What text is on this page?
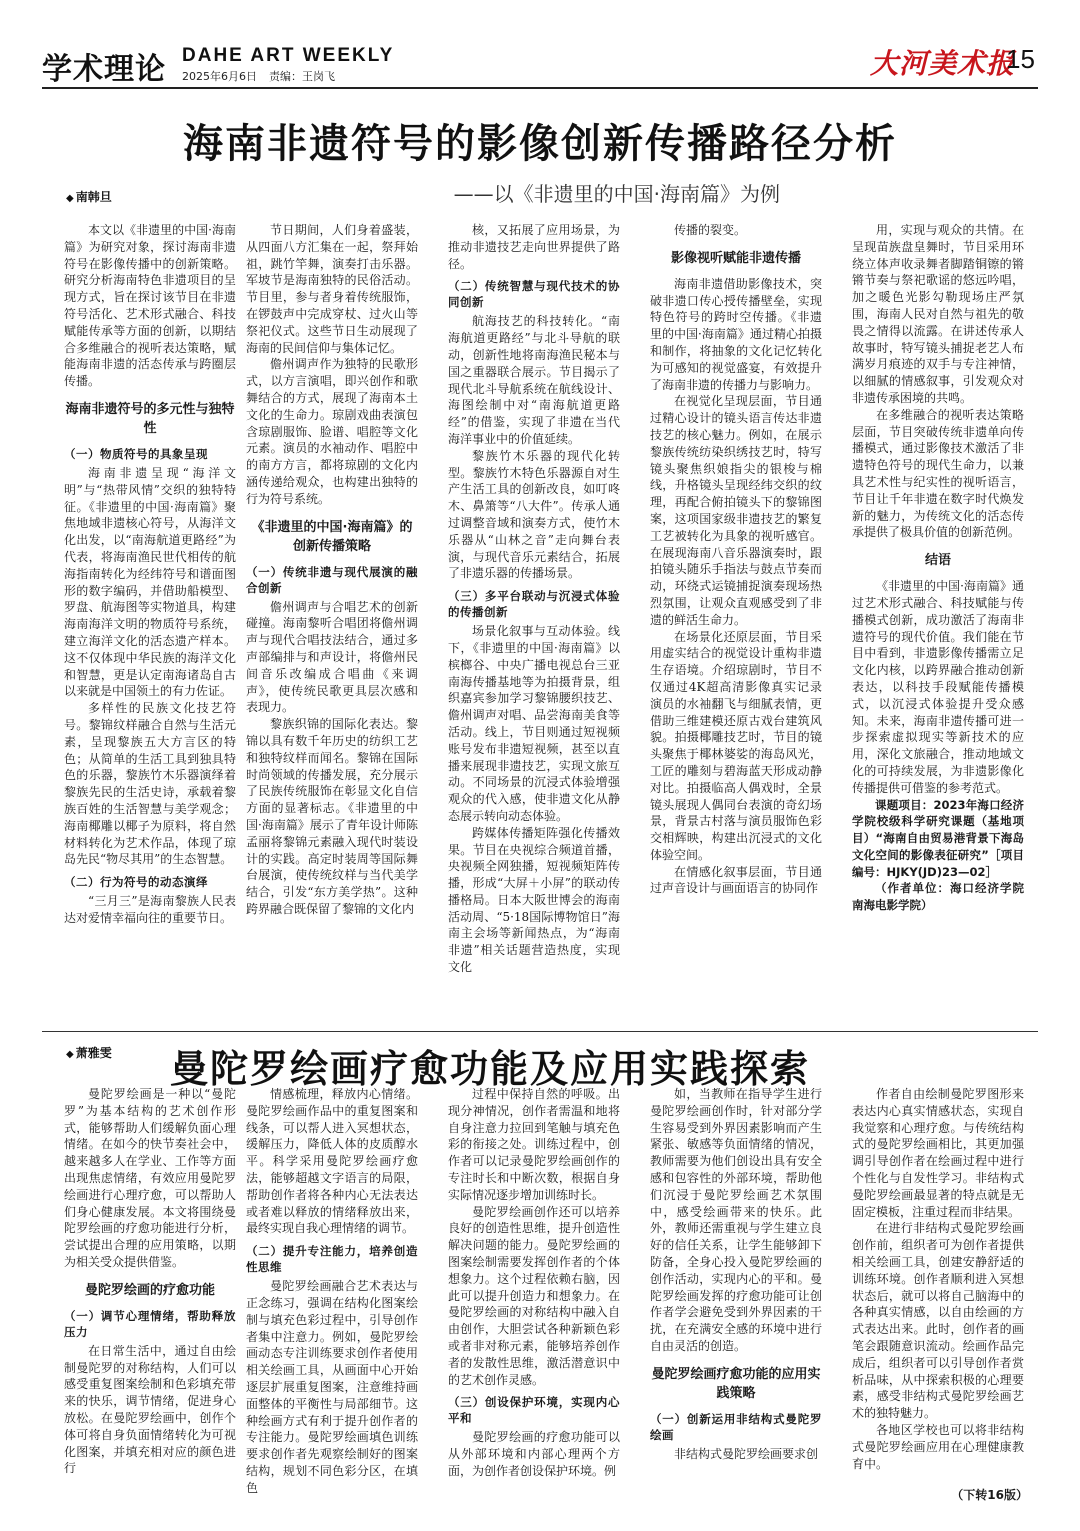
学术理论 DAHE ART WEEKLY
2025年6月6日 责编：王岗飞	大河美术报
15
海南非遗符号的影像创新传播路径分析
——以《非遗里的中国·海南篇》为例
◆ 南韩旦

本文以《非遗里的中国·海南篇》为研究对象，探讨海南非遗符号在影像传播中的创新策略。研究分析海南特色非遗项目的呈现方式，旨在探讨该节目在非遗符号活化、艺术形式融合、科技赋能传承等方面的创新，以期结合多维融合的视听表达策略，赋能海南非遗的活态传承与跨圈层传播。

海南非遗符号的多元性与独特性
（一）物质符号的具象呈现

海南非遗呈现“海洋文明”与“热带风情”交织的独特特征。《非遗里的中国·海南篇》聚焦地域非遗核心符号，从海洋文化出发，以“南海航道更路经”为代表，将海南渔民世代相传的航海指南转化为经纬符号和谱面图形的数字编码，并借助船模型、罗盘、航海图等实物道具，构建海南海洋文明的物质符号系统，建立海洋文化的活态遗产样本。这不仅体现中华民族的海洋文化和智慧，更是认定南海诸岛自古以来就是中国领土的有力佐证。

多样性的民族文化技艺符号。黎锦纹样融合自然与生活元素，呈现黎族五大方言区的特色；从简单的生活工具到独具特色的乐器，黎族竹木乐器演绎着黎族先民的生活史诗，承载着黎族百姓的生活智慧与美学观念；海南椰雕以椰子为原料，将自然材料转化为艺术作品，体现了琼岛先民“物尽其用”的生态智慧。

（二）行为符号的动态演绎

“三月三”是海南黎族人民表达对爱情幸福向往的重要节日。

节日期间，人们身着盛装，从四面八方汇集在一起，祭拜始祖，跳竹竿舞，演奏打击乐器。军坡节是海南独特的民俗活动。节目里，参与者身着传统服饰，在锣鼓声中完成穿杖、过火山等祭祀仪式。这些节日生动展现了海南的民间信仰与集体记忆。

儋州调声作为独特的民歌形式，以方言演唱，即兴创作和歌舞结合的方式，展现了海南本土文化的生命力。琼剧戏曲表演包含琼剧服饰、脸谱、唱腔等文化元素。演员的水袖动作、唱腔中的南方方言，都将琼剧的文化内涵传递给观众，也构建出独特的行为符号系统。

《非遗里的中国·海南篇》的创新传播策略
（一）传统非遗与现代展演的融合创新

儋州调声与合唱艺术的创新碰撞。海南黎听合唱团将儋州调声与现代合唱技法结合，通过多声部编排与和声设计，将儋州民间音乐改编成合唱曲《来调声》，使传统民歌更具层次感和表现力。

黎族织锦的国际化表达。黎锦以具有数千年历史的纺织工艺和独特纹样而闻名。黎锦在国际时尚领域的传播发展，充分展示了民族传统服饰在彰显文化自信方面的显著标志。《非遗里的中国·海南篇》展示了青年设计师陈孟丽将黎锦元素融入现代时装设计的实践。高定时装周等国际舞台展演，使传统纹样与当代美学结合，引发“东方美学热”。这种跨界融合既保留了黎锦的文化内

核，又拓展了应用场景，为推动非遗技艺走向世界提供了路径。

（二）传统智慧与现代技术的协同创新

航海技艺的科技转化。“南海航道更路经”与北斗导航的联动，创新性地将南海渔民秘本与国之重器联合展示。节目揭示了现代北斗导航系统在航线设计、海图绘制中对“南海航道更路经”的借鉴，实现了非遗在当代海洋事业中的价值延续。

黎族竹木乐器的现代化转型。黎族竹木特色乐器源自对生产生活工具的创新改良，如叮咚木、鼻箫等“八大件”。传承人通过调整音域和演奏方式，使竹木乐器从“山林之音”走向舞台表演，与现代音乐元素结合，拓展了非遗乐器的传播场景。

（三）多平台联动与沉浸式体验的传播创新

场景化叙事与互动体验。线下，《非遗里的中国·海南篇》以槟榔谷、中央广播电视总台三亚南海传播基地等为拍摄背景，组织嘉宾参加学习黎锦腰织技艺、儋州调声对唱、品尝海南美食等活动。线上，节目则通过短视频账号发布非遗短视频，甚至以直播来展现非遗技艺，实现文旅互动。不同场景的沉浸式体验增强观众的代入感，使非遗文化从静态展示转向动态体验。

跨媒体传播矩阵强化传播效果。节目在央视综合频道首播，央视频全网独播，短视频矩阵传播，形成“大屏＋小屏”的联动传播格局。日本大阪世博会的海南活动周、“5·18国际博物馆日”海南主会场等新闻热点，为“海南非遗”相关话题营造热度，实现文化

传播的裂变。

影像视听赋能非遗传播

海南非遗借助影像技术，突破非遗口传心授传播壁垒，实现特色符号的跨时空传播。《非遗里的中国·海南篇》通过精心拍摄和制作，将抽象的文化记忆转化为可感知的视觉盛宴，有效提升了海南非遗的传播力与影响力。

在视觉化呈现层面，节目通过精心设计的镜头语言传达非遗技艺的核心魅力。例如，在展示黎族传统纺染织绣技艺时，特写镜头聚焦织娘指尖的银梭与棉线，升格镜头呈现经纬交织的纹理，再配合俯拍镜头下的黎锦图案，这项国家级非遗技艺的繁复工艺被转化为具象的视听感官。在展现海南八音乐器演奏时，跟拍镜头随乐手指法与鼓点节奏而动，环绕式运镜捕捉演奏现场热烈氛围，让观众直观感受到了非遗的鲜活生命力。

在场景化还原层面，节目采用虚实结合的视觉设计重构非遗生存语境。介绍琼剧时，节目不仅通过4K超高清影像真实记录演员的水袖翻飞与细腻表情，更借助三维建模还原古戏台建筑风貌。拍摄椰雕技艺时，节目的镜头聚焦于椰林婆娑的海岛风光，工匠的雕刻与碧海蓝天形成动静对比。拍摄临高人偶戏时，全景镜头展现人偶同台表演的奇幻场景，背景古村落与演员服饰色彩交相辉映，构建出沉浸式的文化体验空间。

在情感化叙事层面，节目通过声音设计与画面语言的协同作

用，实现与观众的共情。在呈现苗族盘皇舞时，节目采用环绕立体声收录舞者脚踏铜镲的锵锵节奏与祭祀歌谣的悠远吟唱，加之暖色光影勾勒现场庄严氛围，海南人民对自然与祖先的敬畏之情得以流露。在讲述传承人故事时，特写镜头捕捉老艺人布满岁月痕迹的双手与专注神情，以细腻的情感叙事，引发观众对非遗传承困境的共鸣。

在多维融合的视听表达策略层面，节目突破传统非遗单向传播模式，通过影像技术激活了非遗特色符号的现代生命力，以兼具艺术性与纪实性的视听语言，节目让千年非遗在数字时代焕发新的魅力，为传统文化的活态传承提供了极具价值的创新范例。

结语

《非遗里的中国·海南篇》通过艺术形式融合、科技赋能与传播模式创新，成功激活了海南非遗符号的现代价值。我们能在节目中看到，非遗影像传播需立足文化内核，以跨界融合推动创新表达，以科技手段赋能传播模式，以沉浸式体验提升受众感知。未来，海南非遗传播可进一步探索虚拟现实等新技术的应用，深化文旅融合，推动地域文化的可持续发展，为非遗影像化传播提供可借鉴的参考范式。

课题项目：2023年海口经济学院校级科学研究课题（基地项目）“海南自由贸易港背景下海岛文化空间的影像表征研究”［项目编号：HJKY(JD)23—02］

（作者单位：海口经济学院南海电影学院）

◆ 萧雅雯 曼陀罗绘画疗愈功能及应用实践探索

曼陀罗绘画是一种以“曼陀罗”为基本结构的艺术创作形式，能够帮助人们缓解负面心理情绪。在如今的快节奏社会中，越来越多人在学业、工作等方面出现焦虑情绪，有效应用曼陀罗绘画进行心理疗愈，可以帮助人们身心健康发展。本文将围绕曼陀罗绘画的疗愈功能进行分析，尝试提出合理的应用策略，以期为相关受众提供借鉴。

曼陀罗绘画的疗愈功能
（一）调节心理情绪，帮助释放压力

在日常生活中，通过自由绘制曼陀罗的对称结构，人们可以感受重复图案绘制和色彩填充带来的快乐，调节情绪，促进身心放松。在曼陀罗绘画中，创作个体可将自身负面情绪转化为可视化图案，并填充相对应的颜色进行

情感梳理，释放内心情绪。曼陀罗绘画作品中的重复图案和线条，可以帮人进入冥想状态，缓解压力，降低人体的皮质醇水平。科学采用曼陀罗绘画疗愈法，能够超越文字语言的局限，帮助创作者将各种内心无法表达或者难以释放的情绪释放出来，最终实现自我心理情绪的调节。

（二）提升专注能力，培养创造性思维

曼陀罗绘画融合艺术表达与正念练习，强调在结构化图案绘制与填充色彩过程中，引导创作者集中注意力。例如，曼陀罗绘画动态专注训练要求创作者使用相关绘画工具，从画面中心开始逐层扩展重复图案，注意维持画面整体的平衡性与局部细节。这种绘画方式有利于提升创作者的专注能力。曼陀罗绘画填色训练要求创作者先观察绘制好的图案结构，规划不同色彩分区，在填色

过程中保持自然的呼吸。出现分神情况，创作者需温和地将自身注意力拉回到笔触与填充色彩的衔接之处。训练过程中，创作者可以记录曼陀罗绘画创作的专注时长和中断次数，根据自身实际情况逐步增加训练时长。

曼陀罗绘画创作还可以培养良好的创造性思维，提升创造性解决问题的能力。曼陀罗绘画的图案绘制需要发挥创作者的个体想象力。这个过程依赖右脑，因此可以提升创造力和想象力。在曼陀罗绘画的对称结构中融入自由创作，大胆尝试各种新颖色彩或者非对称元素，能够培养创作者的发散性思维，激活潜意识中的艺术创作灵感。

（三）创设保护环境，实现内心平和

曼陀罗绘画的疗愈功能可以从外部环境和内部心理两个方面，为创作者创设保护环境。例

如，当教师在指导学生进行曼陀罗绘画创作时，针对部分学生容易受到外界因素影响而产生紧张、敏感等负面情绪的情况，教师需要为他们创设出具有安全感和包容性的外部环境，帮助他们沉浸于曼陀罗绘画艺术氛围中，感受绘画带来的快乐。此外，教师还需重视与学生建立良好的信任关系，让学生能够卸下防备，全身心投入曼陀罗绘画的创作活动，实现内心的平和。曼陀罗绘画发挥的疗愈功能可让创作者学会避免受到外界因素的干扰，在充满安全感的环境中进行自由灵活的创造。

曼陀罗绘画疗愈功能的应用实践策略
（一）创新运用非结构式曼陀罗绘画

非结构式曼陀罗绘画要求创

作者自由绘制曼陀罗图形来表达内心真实情感状态，实现自我觉察和心理疗愈。与传统结构式的曼陀罗绘画相比，其更加强调引导创作者在绘画过程中进行个性化与自发性学习。非结构式曼陀罗绘画最显著的特点就是无固定模板，注重过程而非结果。

在进行非结构式曼陀罗绘画创作前，组织者可为创作者提供相关绘画工具，创建安静舒适的训练环境。创作者顺利进入冥想状态后，就可以将自己脑海中的各种真实情感，以自由绘画的方式表达出来。此时，创作者的画笔会跟随意识流动。绘画作品完成后，组织者可以引导创作者赏析品味，从中探索积极的心理要素，感受非结构式曼陀罗绘画艺术的独特魅力。

各地区学校也可以将非结构式曼陀罗绘画应用在心理健康教育中。

（下转16版）
